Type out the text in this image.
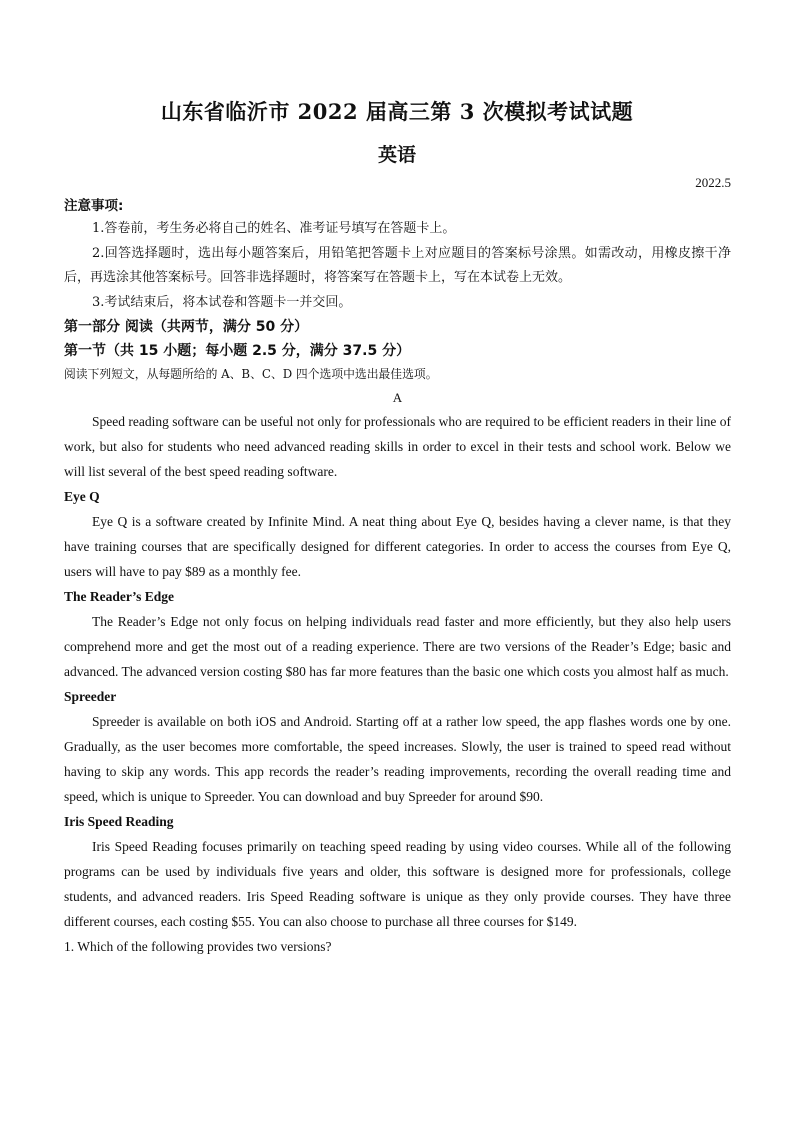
山东省临沂市 2022 届高三第 3 次模拟考试试题
英语
2022.5

注意事项:

1.答卷前，考生务必将自己的姓名、准考证号填写在答题卡上。

2.回答选择题时，选出每小题答案后，用铅笔把答题卡上对应题目的答案标号涂黑。如需改动，用橡皮擦干净后，再选涂其他答案标号。回答非选择题时，将答案写在答题卡上，写在本试卷上无效。

3.考试结束后，将本试卷和答题卡一并交回。

第一部分 阅读（共两节，满分 50 分）

第一节（共 15 小题；每小题 2.5 分，满分 37.5 分）

阅读下列短文，从每题所给的 A、B、C、D 四个选项中选出最佳选项。

A

Speed reading software can be useful not only for professionals who are required to be efficient readers in their line of work, but also for students who need advanced reading skills in order to excel in their tests and school work. Below we will list several of the best speed reading software.

Eye Q

Eye Q is a software created by Infinite Mind. A neat thing about Eye Q, besides having a clever name, is that they have training courses that are specifically designed for different categories. In order to access the courses from Eye Q, users will have to pay $89 as a monthly fee.

The Reader’s Edge

The Reader’s Edge not only focus on helping individuals read faster and more efficiently, but they also help users comprehend more and get the most out of a reading experience. There are two versions of the Reader’s Edge; basic and advanced. The advanced version costing $80 has far more features than the basic one which costs you almost half as much.

Spreeder

Spreeder is available on both iOS and Android. Starting off at a rather low speed, the app flashes words one by one. Gradually, as the user becomes more comfortable, the speed increases. Slowly, the user is trained to speed read without having to skip any words. This app records the reader’s reading improvements, recording the overall reading time and speed, which is unique to Spreeder. You can download and buy Spreeder for around $90.

Iris Speed Reading

Iris Speed Reading focuses primarily on teaching speed reading by using video courses. While all of the following programs can be used by individuals five years and older, this software is designed more for professionals, college students, and advanced readers. Iris Speed Reading software is unique as they only provide courses. They have three different courses, each costing $55. You can also choose to purchase all three courses for $149.

1. Which of the following provides two versions?
